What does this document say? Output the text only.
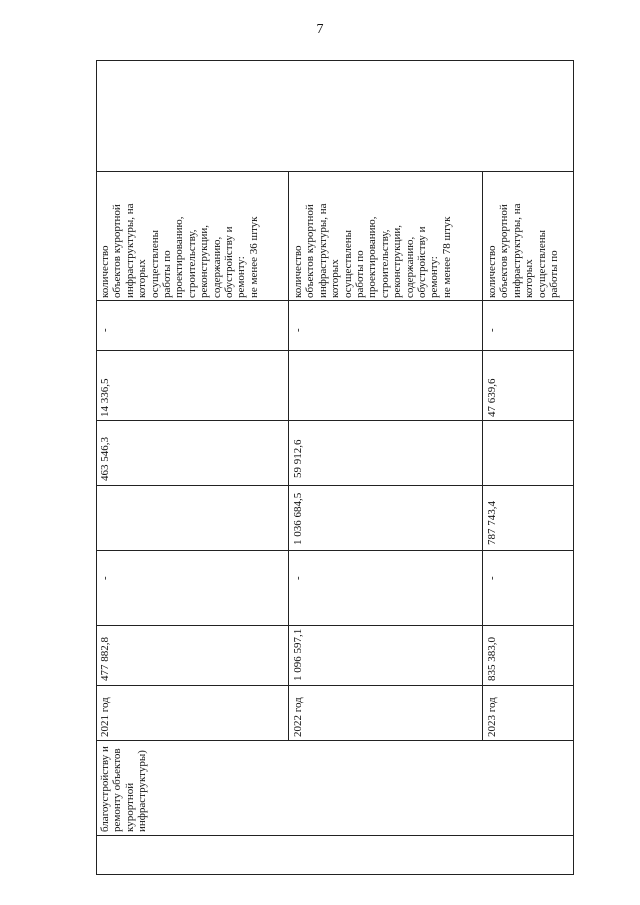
7
количество
объектов курортной
инфраструктуры, на
которых
осуществлены
работы по
проектированию,
строительству,
реконструкции,
содержанию,
обустройству и
ремонту:
не менее 36 штук
-
14 336,5
463 546,3
-
477 882,8
2021 год
количество
объектов курортной
инфраструктуры, на
которых
осуществлены
работы по
проектированию,
строительству,
реконструкции,
содержанию,
обустройству и
ремонту:
не менее 78 штук
-
59 912,6
1 036 684,5
-
1 096 597,1
2022 год
количество
объектов курортной
инфраструктуры, на
которых
осуществлены
работы по
-
47 639,6
787 743,4
-
835 383,0
2023 год
благоустройству и
ремонту объектов
курортной
инфраструктуры)
